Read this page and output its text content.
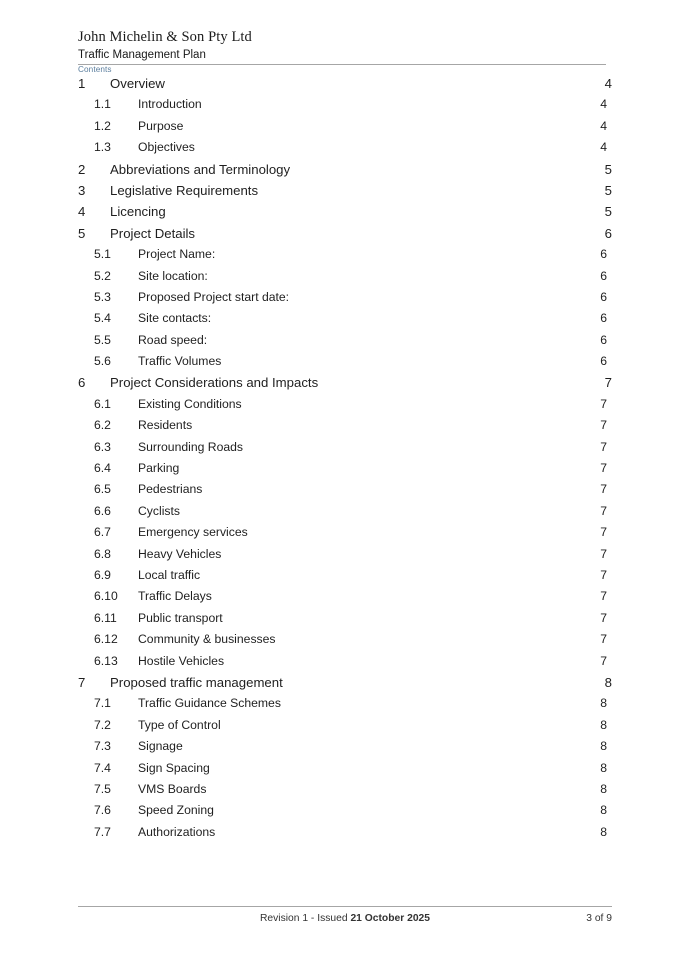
John Michelin & Son Pty Ltd
Traffic Management Plan
Contents
1	Overview	4
1.1	Introduction	4
1.2	Purpose	4
1.3	Objectives	4
2	Abbreviations and Terminology	5
3	Legislative Requirements	5
4	Licencing	5
5	Project Details	6
5.1	Project Name:	6
5.2	Site location:	6
5.3	Proposed Project start date:	6
5.4	Site contacts:	6
5.5	Road speed:	6
5.6	Traffic Volumes	6
6	Project Considerations and Impacts	7
6.1	Existing Conditions	7
6.2	Residents	7
6.3	Surrounding Roads	7
6.4	Parking	7
6.5	Pedestrians	7
6.6	Cyclists	7
6.7	Emergency services	7
6.8	Heavy Vehicles	7
6.9	Local traffic	7
6.10	Traffic Delays	7
6.11	Public transport	7
6.12	Community & businesses	7
6.13	Hostile Vehicles	7
7	Proposed traffic management	8
7.1	Traffic Guidance Schemes	8
7.2	Type of Control	8
7.3	Signage	8
7.4	Sign Spacing	8
7.5	VMS Boards	8
7.6	Speed Zoning	8
7.7	Authorizations	8
Revision 1 - Issued 21 October 2025	3 of 9
